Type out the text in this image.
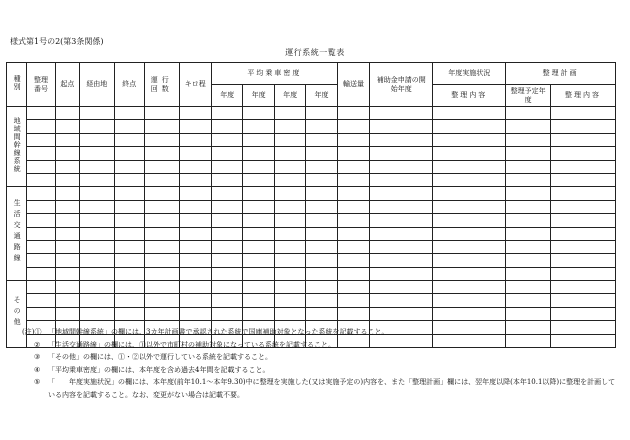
様式第1号の2(第3条関係)
運行系統一覧表
種別	整理番号	起点	経由地	終点	運行回数	キロ程	平均乗車密度				輸送量	補助金申請の開始年度	年度実施状況	整理計画	
							年度	年度	年度	年度			整理内容	整理予定年度	整理内容
地域間幹線系統															

生活交通路線															

その他															

(注)① 「地域間幹線系統」の欄には、3カ年計画書で承認された系統で国庫補助対象となった系統を記載すること。
② 「生活交通路線」の欄には、①以外で市町村の補助対象になっている系統を記載すること。
③ 「その他」の欄には、①・②以外で運行している系統を記載すること。
④ 「平均乗車密度」の欄には、本年度を含め過去4年間を記載すること。
⑤ 「　　年度実施状況」の欄には、本年度(前年10.1～本年9.30)中に整理を実施した(又は実施予定の)内容を、また「整理計画」欄には、翌年度以降(本年10.1以降)に整理を計画している内容を記載すること。なお、変更がない場合は記載不要。
